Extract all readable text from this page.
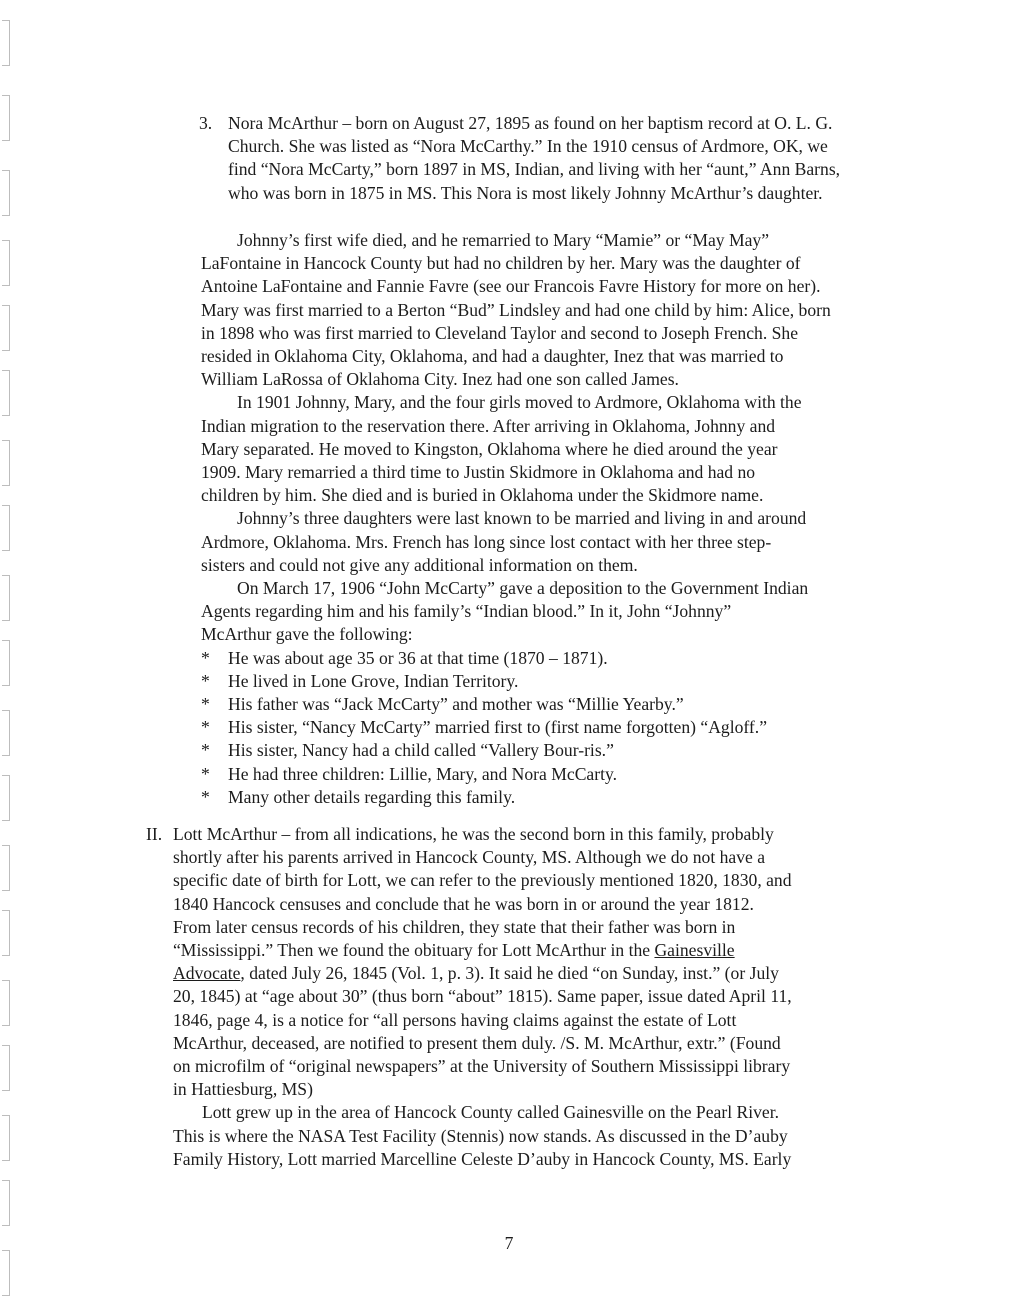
3. Nora McArthur – born on August 27, 1895 as found on her baptism record at O. L. G.

Church. She was listed as “Nora McCarthy.” In the 1910 census of Ardmore, OK, we

find “Nora McCarty,” born 1897 in MS, Indian, and living with her “aunt,” Ann Barns,

who was born in 1875 in MS. This Nora is most likely Johnny McArthur’s daughter.

Johnny’s first wife died, and he remarried to Mary “Mamie” or “May May”

LaFontaine in Hancock County but had no children by her. Mary was the daughter of

Antoine LaFontaine and Fannie Favre (see our Francois Favre History for more on her).

Mary was first married to a Berton “Bud” Lindsley and had one child by him: Alice, born

in 1898 who was first married to Cleveland Taylor and second to Joseph French. She

resided in Oklahoma City, Oklahoma, and had a daughter, Inez that was married to

William LaRossa of Oklahoma City. Inez had one son called James.

In 1901 Johnny, Mary, and the four girls moved to Ardmore, Oklahoma with the

Indian migration to the reservation there. After arriving in Oklahoma, Johnny and

Mary separated. He moved to Kingston, Oklahoma where he died around the year

1909. Mary remarried a third time to Justin Skidmore in Oklahoma and had no

children by him. She died and is buried in Oklahoma under the Skidmore name.

Johnny’s three daughters were last known to be married and living in and around

Ardmore, Oklahoma. Mrs. French has long since lost contact with her three step-

sisters and could not give any additional information on them.

On March 17, 1906 “John McCarty” gave a deposition to the Government Indian

Agents regarding him and his family’s “Indian blood.” In it, John “Johnny”

McArthur gave the following:

*	He was about age 35 or 36 at that time (1870 – 1871).
*	He lived in Lone Grove, Indian Territory.
*	His father was “Jack McCarty” and mother was “Millie Yearby.”
*	His sister, “Nancy McCarty” married first to (first name forgotten) “Agloff.”
*	His sister, Nancy had a child called “Vallery Bour-ris.”
*	He had three children: Lillie, Mary, and Nora McCarty.
*	Many other details regarding this family.
II. Lott McArthur – from all indications, he was the second born in this family, probably

shortly after his parents arrived in Hancock County, MS. Although we do not have a

specific date of birth for Lott, we can refer to the previously mentioned 1820, 1830, and

1840 Hancock censuses and conclude that he was born in or around the year 1812.

From later census records of his children, they state that their father was born in

“Mississippi.” Then we found the obituary for Lott McArthur in the Gainesville

Advocate, dated July 26, 1845 (Vol. 1, p. 3). It said he died “on Sunday, inst.” (or July

20, 1845) at “age about 30” (thus born “about” 1815). Same paper, issue dated April 11,

1846, page 4, is a notice for “all persons having claims against the estate of Lott

McArthur, deceased, are notified to present them duly. /S. M. McArthur, extr.” (Found

on microfilm of “original newspapers” at the University of Southern Mississippi library

in Hattiesburg, MS)

Lott grew up in the area of Hancock County called Gainesville on the Pearl River.

This is where the NASA Test Facility (Stennis) now stands. As discussed in the D’auby

Family History, Lott married Marcelline Celeste D’auby in Hancock County, MS. Early

7
